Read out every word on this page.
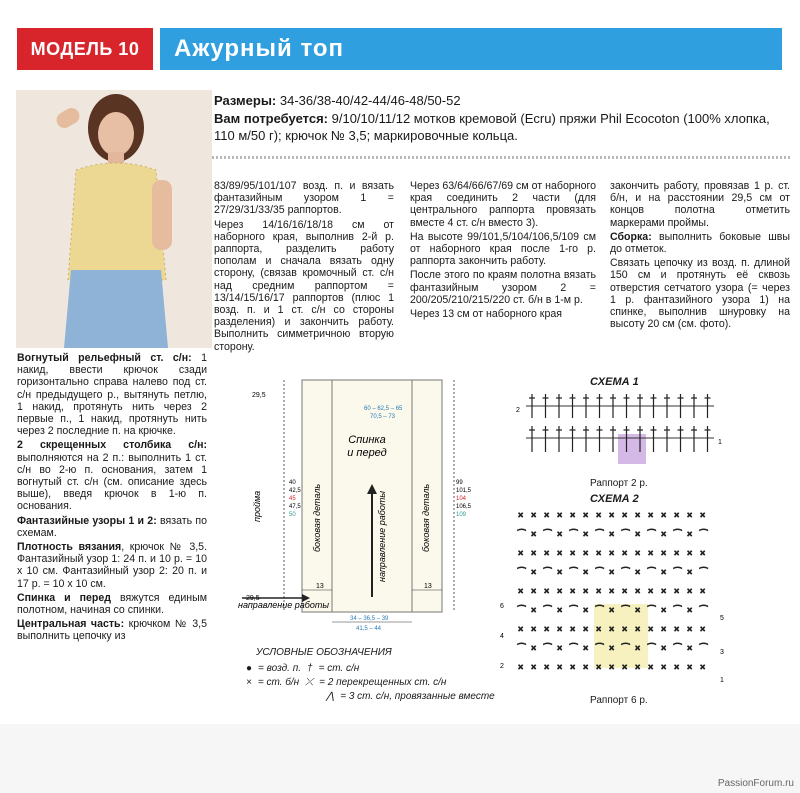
МОДЕЛЬ 10	Ажурный топ
Размеры: 34-36/38-40/42-44/46-48/50-52
Вам потребуется: 9/10/10/11/12 мотков кремовой (Ecru) пряжи Phil Ecocoton (100% хлопка, 110 м/50 г); крючок № 3,5; маркировочные кольца.

Вогнутый рельефный ст. с/н: 1 накид, ввести крючок сзади горизонтально справа налево под ст. с/н предыдущего р., вытянуть петлю, 1 накид, протянуть нить через 2 первые п., 1 накид, протянуть нить через 2 последние п. на крючке.

2 скрещенных столбика с/н: выполняются на 2 п.: выполнить 1 ст. с/н во 2-ю п. основания, затем 1 вогнутый ст. с/н (см. описание здесь выше), введя крючок в 1-ю п. основания.

Фантазийные узоры 1 и 2: вязать по схемам.

Плотность вязания, крючок № 3,5. Фантазийный узор 1: 24 п. и 10 р. = 10 х 10 см. Фантазийный узор 2: 20 п. и 17 р. = 10 х 10 см.

Спинка и перед вяжутся единым полотном, начиная со спинки.

Центральная часть: крючком № 3,5 выполнить цепочку из

83/89/95/101/107 возд. п. и вязать фантазийным узором 1 = 27/29/31/33/35 раппортов.

Через 14/16/16/18/18 см от наборного края, выполнив 2-й р. раппорта, разделить работу пополам и сначала вязать одну сторону, (связав кромочный ст. с/н над средним раппортом = 13/14/15/16/17 раппортов (плюс 1 возд. п. и 1 ст. с/н со стороны разделения) и закончить работу. Выполнить симметричною вторую сторону.

Через 63/64/66/67/69 см от наборного края соединить 2 части (для центрального раппорта провязать вместе 4 ст. с/н вместо 3).

На высоте 99/101,5/104/106,5/109 см от наборного края после 1-го р. раппорта закончить работу.

После этого по краям полотна вязать фантазийным узором 2 = 200/205/210/215/220 ст. б/н в 1-м р.

Через 13 см от наборного края

закончить работу, провязав 1 р. ст. б/н, и на расстоянии 29,5 см от концов полотна отметить маркерами проймы.

Сборка: выполнить боковые швы до отметок.

Связать цепочку из возд. п. длиной 150 см и протянуть её сквозь отверстия сетчатого узора (= через 1 р. фантазийного узора 1) на спинке, выполнив шнуровку на высоту 20 см (см. фото).

60 – 62,5 – 65
70,5 – 73
Спинка
и перед
29,5
пройма	боковая деталь	боковая деталь
направление работы
направление работы
29,5
13	13
34 – 36,5 – 39
41,5 – 44
40
42,5
45
47,5
50
99
101,5
104
106,5
109
УСЛОВНЫЕ ОБОЗНАЧЕНИЯ
● = возд. п. † = ст. с/н
× = ст. б/н ⤫ = 2 перекрещенных ст. с/н
⋀ = 3 ст. с/н, провязанные вместе
СХЕМА 1
2
1
Раппорт 2 р.
СХЕМА 2
× × × × × × × × × × × × × × ×
⁀ × ⁀ × ⁀ × ⁀ × ⁀ × ⁀ × ⁀ × ⁀
× × × × × × × × × × × × × × ×
⁀ × ⁀ × ⁀ × ⁀ × ⁀ × ⁀ × ⁀ × ⁀
× × × × × × × × × × × × × × ×
⁀ × ⁀ × ⁀ × ⁀ × ⁀ × ⁀ × ⁀ × ⁀
× × × × × × × × × × × × × × ×
⁀ × ⁀ × ⁀ × ⁀ × ⁀ × ⁀ × ⁀ × ⁀
× × × × × × × × × × × × × × ×
6
5
4
3
2
1
Раппорт 6 р.
PassionForum.ru
